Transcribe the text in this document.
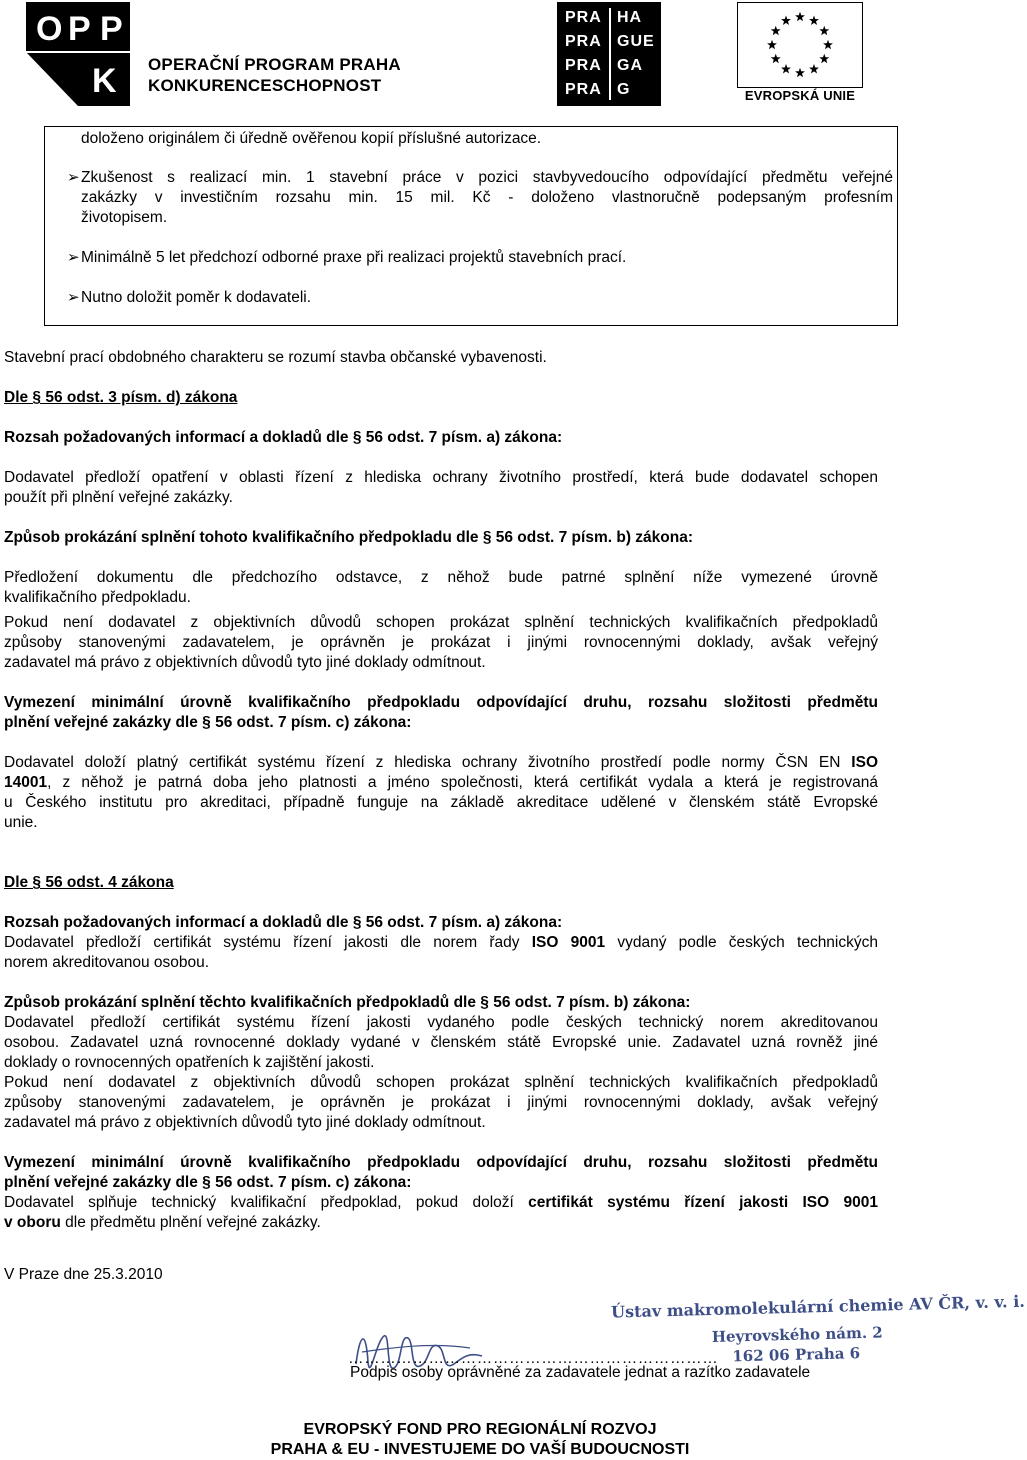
O P P
K OPERAČNÍ PROGRAM PRAHA
KONKURENCESCHOPNOST
PRA HA
PRA GUE
PRA GA
PRA G	EVROPSKÁ UNIE
doloženo originálem či úředně ověřenou kopií příslušné autorizace.
➢ Zkušenost s realizací min. 1 stavební práce v pozici stavbyvedoucího odpovídající předmětu veřejné
zakázky v investičním rozsahu min. 15 mil. Kč - doloženo vlastnoručně podepsaným profesním
životopisem.
➢ Minimálně 5 let předchozí odborné praxe při realizaci projektů stavebních prací.
➢ Nutno doložit poměr k dodavateli.
Stavební prací obdobného charakteru se rozumí stavba občanské vybavenosti.
Dle § 56 odst. 3 písm. d) zákona
Rozsah požadovaných informací a dokladů dle § 56 odst. 7 písm. a) zákona:
Dodavatel předloží opatření v oblasti řízení z hlediska ochrany životního prostředí, která bude dodavatel schopen
použít při plnění veřejné zakázky.
Způsob prokázání splnění tohoto kvalifikačního předpokladu dle § 56 odst. 7 písm. b) zákona:
Předložení dokumentu dle předchozího odstavce, z něhož bude patrné splnění níže vymezené úrovně
kvalifikačního předpokladu.
Pokud není dodavatel z objektivních důvodů schopen prokázat splnění technických kvalifikačních předpokladů
způsoby stanovenými zadavatelem, je oprávněn je prokázat i jinými rovnocennými doklady, avšak veřejný
zadavatel má právo z objektivních důvodů tyto jiné doklady odmítnout.
Vymezení minimální úrovně kvalifikačního předpokladu odpovídající druhu, rozsahu složitosti předmětu
plnění veřejné zakázky dle § 56 odst. 7 písm. c) zákona:
Dodavatel doloží platný certifikát systému řízení z hlediska ochrany životního prostředí podle normy ČSN EN ISO
14001, z něhož je patrná doba jeho platnosti a jméno společnosti, která certifikát vydala a která je registrovaná
u Českého institutu pro akreditaci, případně funguje na základě akreditace udělené v členském státě Evropské
unie.
Dle § 56 odst. 4 zákona
Rozsah požadovaných informací a dokladů dle § 56 odst. 7 písm. a) zákona:
Dodavatel předloží certifikát systému řízení jakosti dle norem řady ISO 9001 vydaný podle českých technických
norem akreditovanou osobou.
Způsob prokázání splnění těchto kvalifikačních předpokladů dle § 56 odst. 7 písm. b) zákona:
Dodavatel předloží certifikát systému řízení jakosti vydaného podle českých technický norem akreditovanou
osobou. Zadavatel uzná rovnocenné doklady vydané v členském státě Evropské unie. Zadavatel uzná rovněž jiné
doklady o rovnocenných opatřeních k zajištění jakosti.
Pokud není dodavatel z objektivních důvodů schopen prokázat splnění technických kvalifikačních předpokladů
způsoby stanovenými zadavatelem, je oprávněn je prokázat i jinými rovnocennými doklady, avšak veřejný
zadavatel má právo z objektivních důvodů tyto jiné doklady odmítnout.
Vymezení minimální úrovně kvalifikačního předpokladu odpovídající druhu, rozsahu složitosti předmětu
plnění veřejné zakázky dle § 56 odst. 7 písm. c) zákona:
Dodavatel splňuje technický kvalifikační předpoklad, pokud doloží certifikát systému řízení jakosti ISO 9001
v oboru dle předmětu plnění veřejné zakázky.
V Praze dne 25.3.2010
Ústav makromolekulární chemie AV ČR, v. v. i.
Heyrovského nám. 2
162 06 Praha 6
……………………………………………………………
Podpis osoby oprávněné za zadavatele jednat a razítko zadavatele
EVROPSKÝ FOND PRO REGIONÁLNÍ ROZVOJ
PRAHA & EU - INVESTUJEME DO VAŠÍ BUDOUCNOSTI
